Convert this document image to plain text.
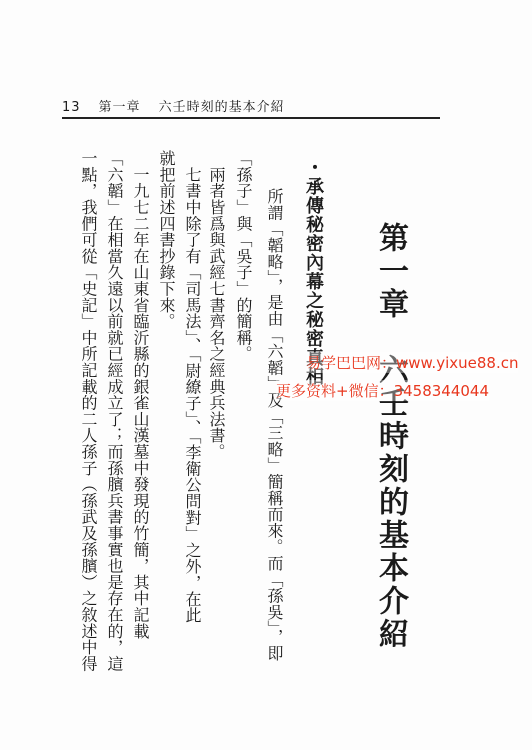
13 第一章 六壬時刻的基本介紹
第一章　六壬時刻的基本介紹
・承傳秘密內幕之秘密真相
所謂「韜略」，是由「六韜」及「三略」簡稱而來。而「孫吳」，即
「孫子」與「吳子」的簡稱。
　兩者皆爲與武經七書齊名之經典兵法書。
　七書中除了有「司馬法」、「尉繚子」、「李衛公問對」之外，在此
就把前述四書抄錄下來。
　一九七二年在山東省臨沂縣的銀雀山漢墓中發現的竹簡，其中記載
「六韜」在相當久遠以前就已經成立了；而孫臏兵書事實也是存在的，這
一點，我們可從「史記」中所記載的二人孫子（孫武及孫臏）之敘述中得	易学巴巴网：www.yixue88.cn
更多资料+微信：3458344044
